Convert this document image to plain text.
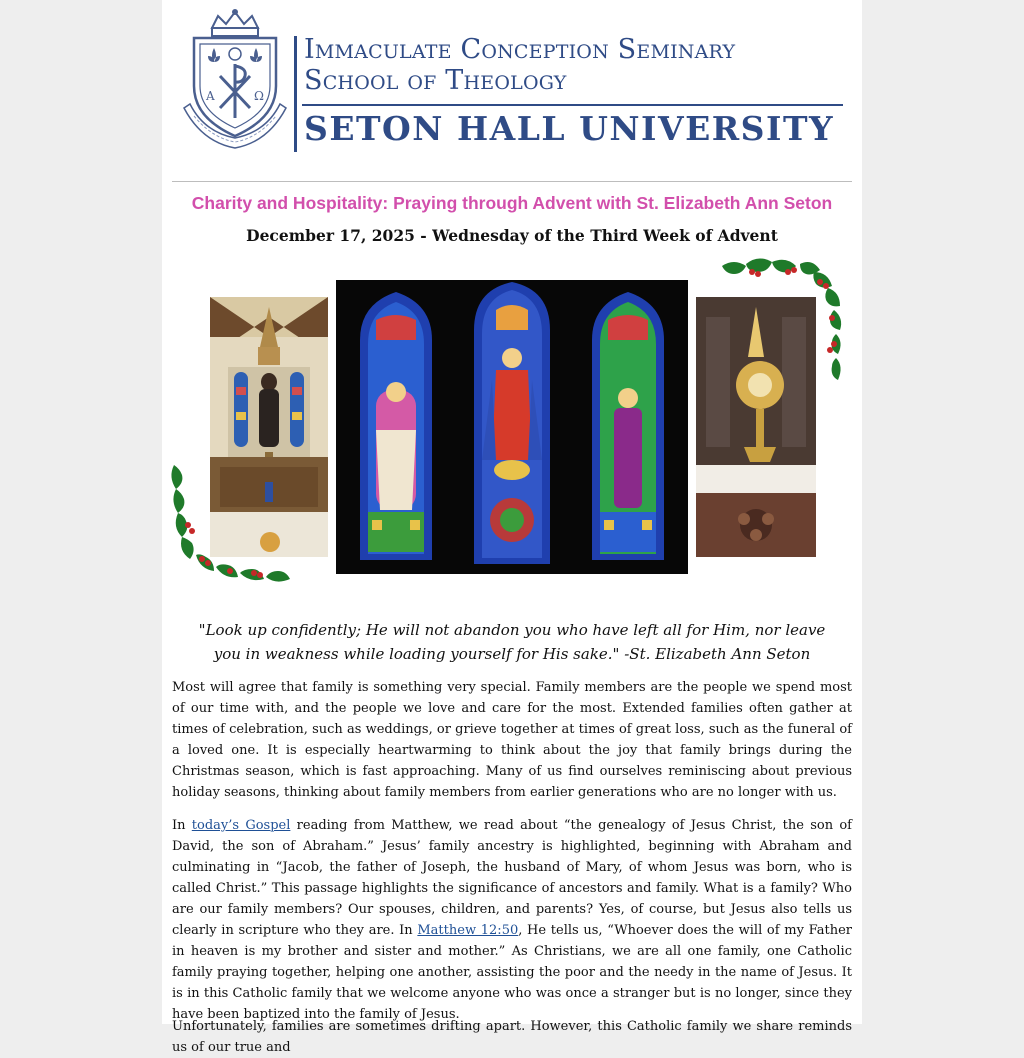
A	Ω
Immaculate Conception Seminary
School of Theology
SETON HALL UNIVERSITY
Charity and Hospitality: Praying through Advent with St. Elizabeth Ann Seton
December 17, 2025 - Wednesday of the Third Week of Advent
"Look up confidently; He will not abandon you who have left all for Him, nor leave
you in weakness while loading yourself for His sake." -St. Elizabeth Ann Seton

Most will agree that family is something very special. Family members are the people we spend most of our time with, and the people we love and care for the most. Extended families often gather at times of celebration, such as weddings, or grieve together at times of great loss, such as the funeral of a loved one. It is especially heartwarming to think about the joy that family brings during the Christmas season, which is fast approaching. Many of us find ourselves reminiscing about previous holiday seasons, thinking about family members from earlier generations who are no longer with us.

In today’s Gospel reading from Matthew, we read about “the genealogy of Jesus Christ, the son of David, the son of Abraham.” Jesus’ family ancestry is highlighted, beginning with Abraham and culminating in “Jacob, the father of Joseph, the husband of Mary, of whom Jesus was born, who is called Christ.” This passage highlights the significance of ancestors and family. What is a family? Who are our family members? Our spouses, children, and parents? Yes, of course, but Jesus also tells us clearly in scripture who they are. In Matthew 12:50, He tells us, “Whoever does the will of my Father in heaven is my brother and sister and mother.” As Christians, we are all one family, one Catholic family praying together, helping one another, assisting the poor and the needy in the name of Jesus. It is in this Catholic family that we welcome anyone who was once a stranger but is no longer, since they have been baptized into the family of Jesus.

Unfortunately, families are sometimes drifting apart. However, this Catholic family we share reminds us of our true and
